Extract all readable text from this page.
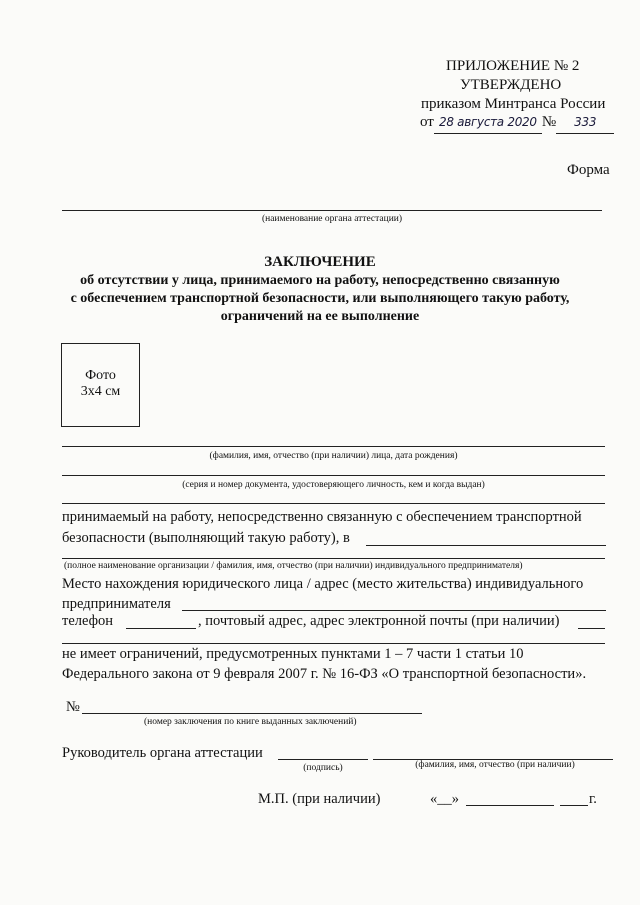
ПРИЛОЖЕНИЕ № 2
УТВЕРЖДЕНО
приказом Минтранса России
от 28 августа 2020 № 333
Форма
(наименование органа аттестации)
ЗАКЛЮЧЕНИЕ
об отсутствии у лица, принимаемого на работу, непосредственно связанную
с обеспечением транспортной безопасности, или выполняющего такую работу,
ограничений на ее выполнение
Фото
3х4 см
(фамилия, имя, отчество (при наличии) лица, дата рождения)
(серия и номер документа, удостоверяющего личность, кем и когда выдан)
принимаемый на работу, непосредственно связанную с обеспечением транспортной
безопасности (выполняющий такую работу), в
(полное наименование организации / фамилия, имя, отчество (при наличии) индивидуального предпринимателя)
Место нахождения юридического лица / адрес (место жительства) индивидуального
предпринимателя
телефон	, почтовый адрес, адрес электронной почты (при наличии)
не имеет ограничений, предусмотренных пунктами 1 – 7 части 1 статьи 10
Федерального закона от 9 февраля 2007 г. № 16-ФЗ «О транспортной безопасности».
№
(номер заключения по книге выданных заключений)
Руководитель органа аттестации
(подпись)	(фамилия, имя, отчество (при наличии)
М.П. (при наличии)	«__»	г.
